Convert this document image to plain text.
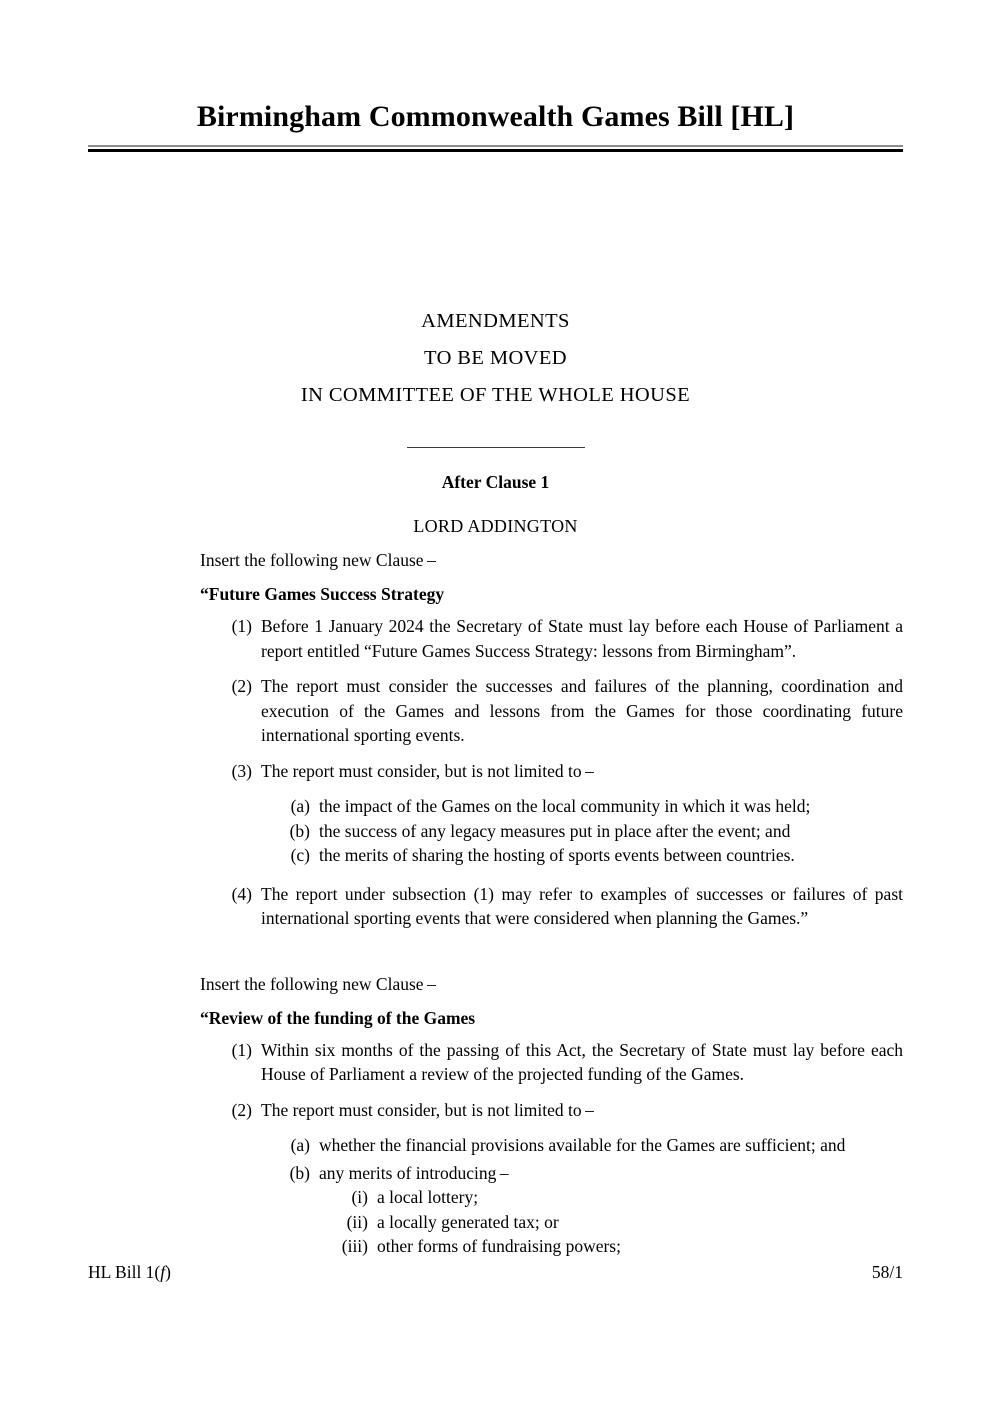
Birmingham Commonwealth Games Bill [HL]
AMENDMENTS
TO BE MOVED
IN COMMITTEE OF THE WHOLE HOUSE
After Clause 1
LORD ADDINGTON
Insert the following new Clause –
“Future Games Success Strategy
(1) Before 1 January 2024 the Secretary of State must lay before each House of Parliament a report entitled “Future Games Success Strategy: lessons from Birmingham”.
(2) The report must consider the successes and failures of the planning, coordination and execution of the Games and lessons from the Games for those coordinating future international sporting events.
(3) The report must consider, but is not limited to –
(a) the impact of the Games on the local community in which it was held;
(b) the success of any legacy measures put in place after the event; and
(c) the merits of sharing the hosting of sports events between countries.
(4) The report under subsection (1) may refer to examples of successes or failures of past international sporting events that were considered when planning the Games.”
Insert the following new Clause –
“Review of the funding of the Games
(1) Within six months of the passing of this Act, the Secretary of State must lay before each House of Parliament a review of the projected funding of the Games.
(2) The report must consider, but is not limited to –
(a) whether the financial provisions available for the Games are sufficient; and
(b) any merits of introducing –
(i) a local lottery;
(ii) a locally generated tax; or
(iii) other forms of fundraising powers;
HL Bill 1(f)	58/1
